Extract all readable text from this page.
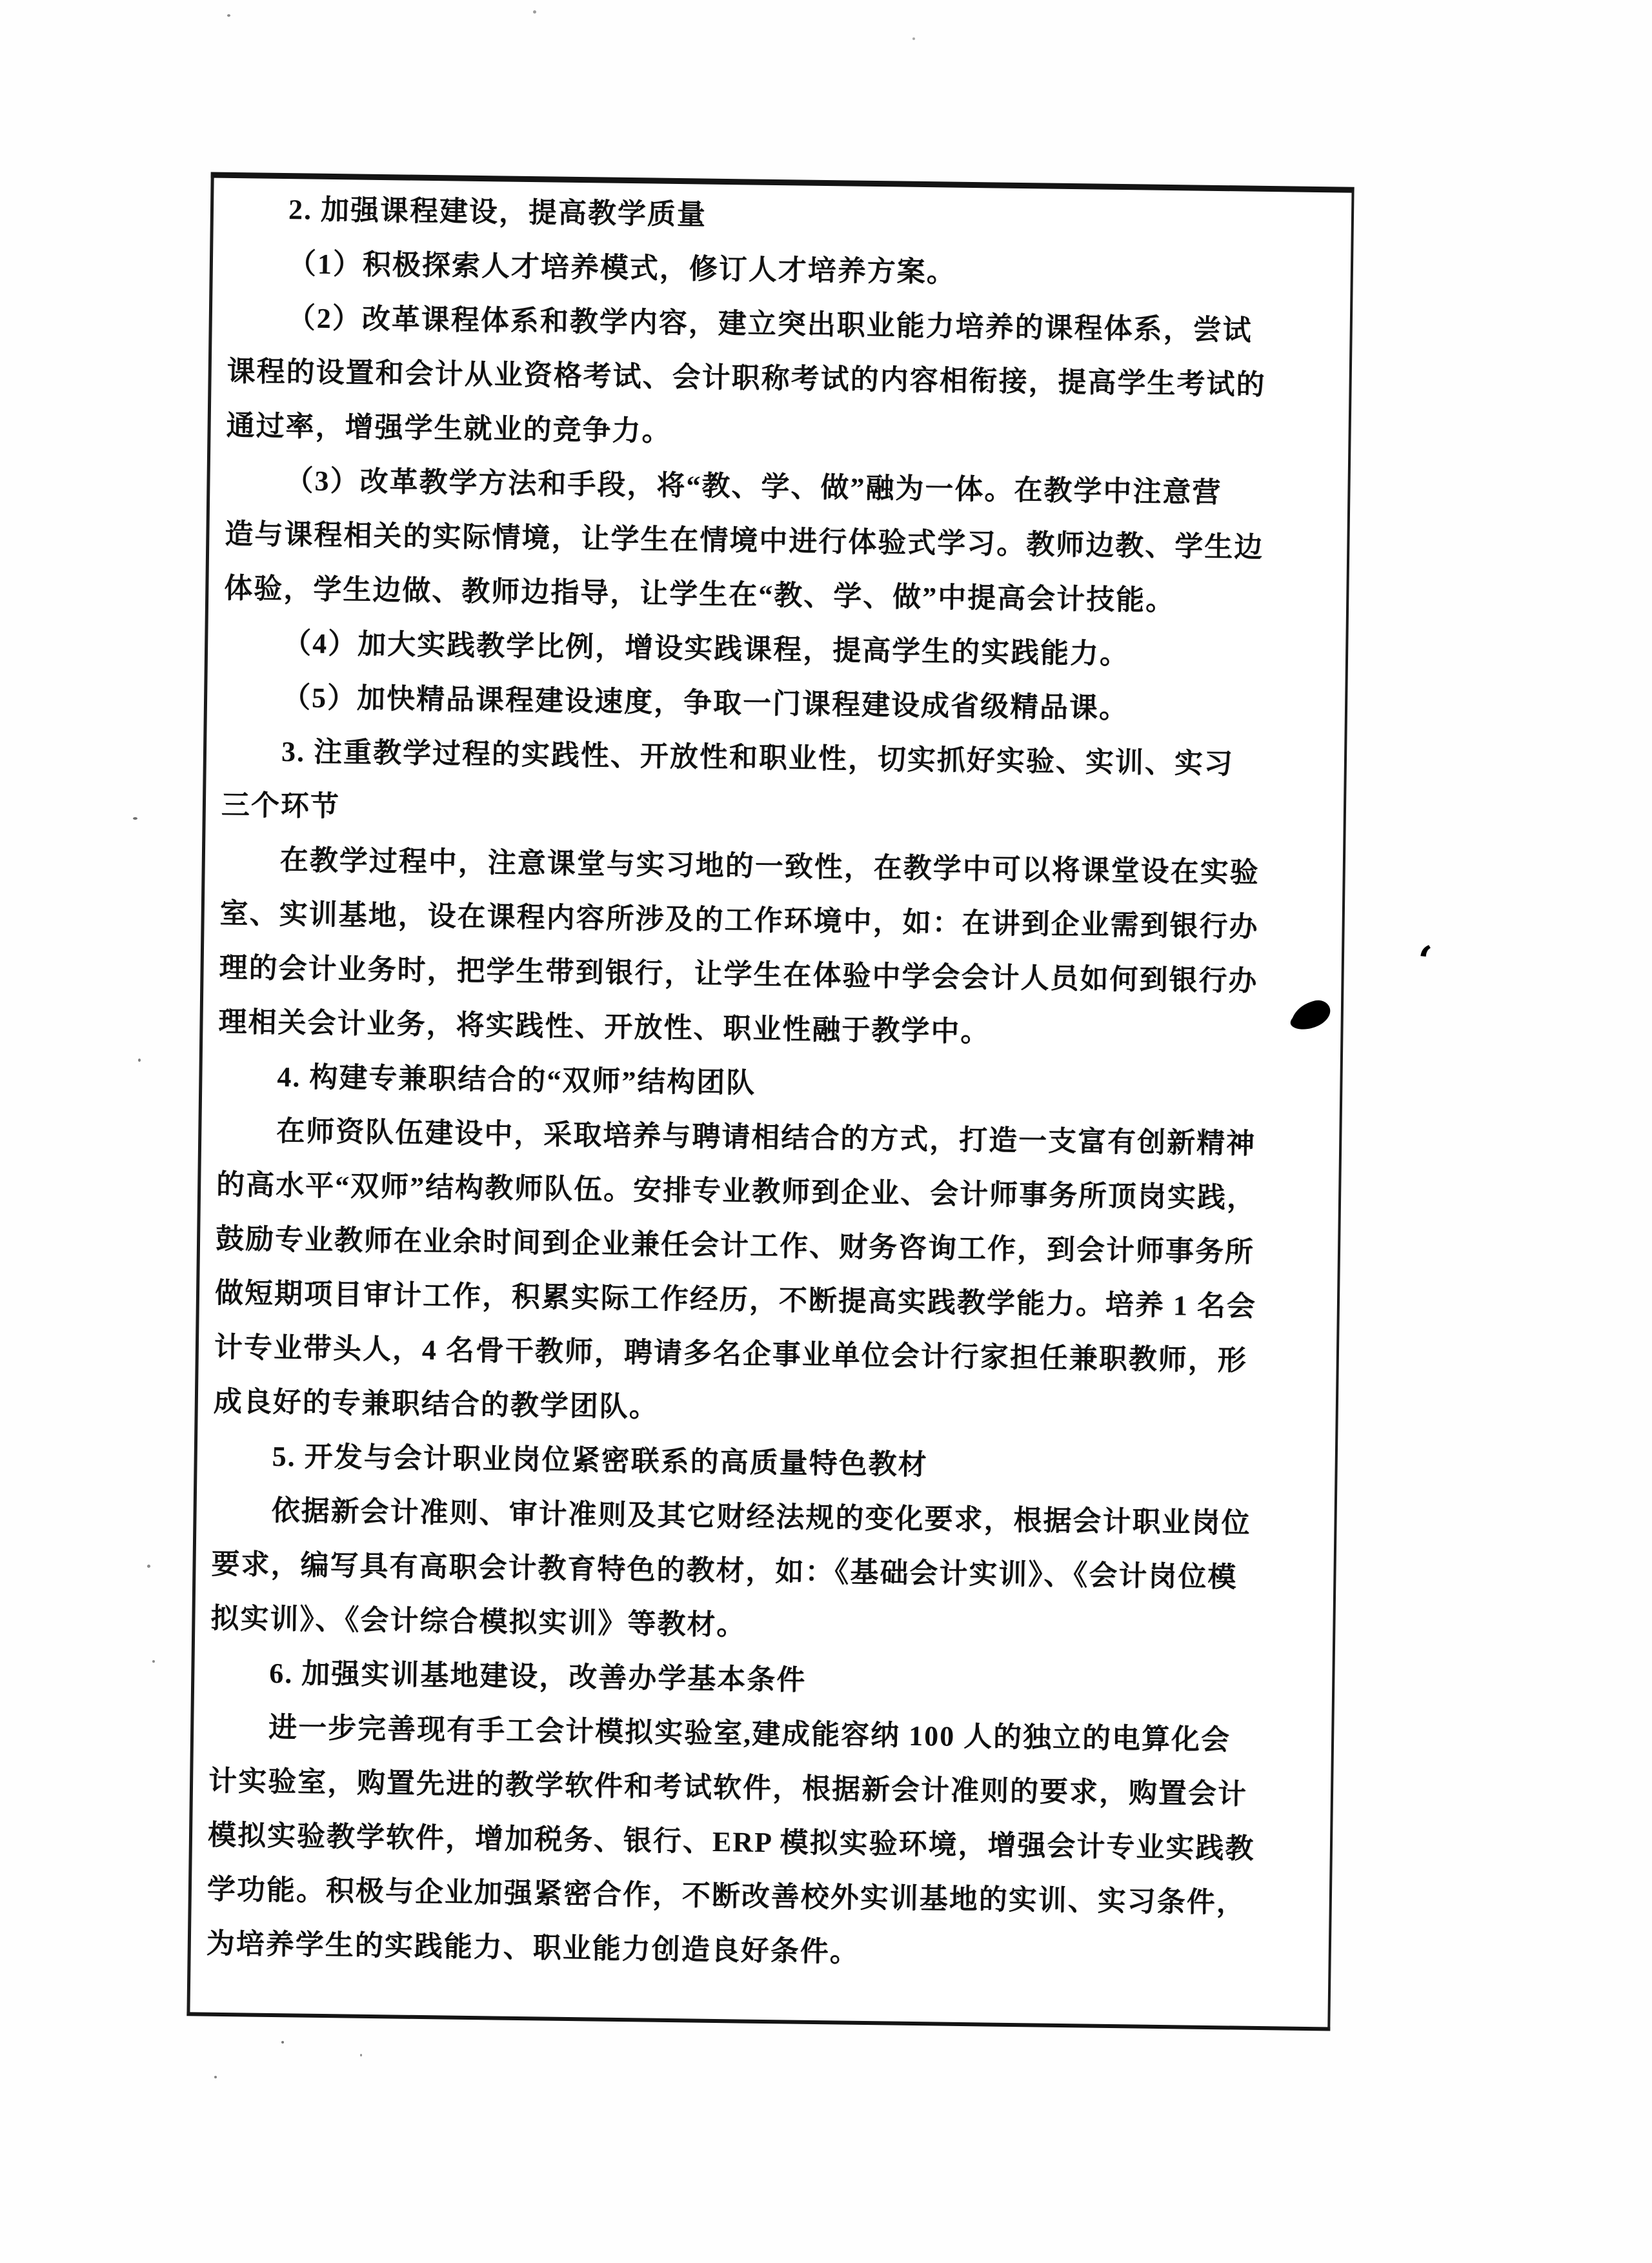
2. 加强课程建设，提高教学质量
（1）积极探索人才培养模式，修订人才培养方案。
（2）改革课程体系和教学内容，建立突出职业能力培养的课程体系，尝试
课程的设置和会计从业资格考试、会计职称考试的内容相衔接，提高学生考试的
通过率，增强学生就业的竞争力。
（3）改革教学方法和手段，将“教、学、做”融为一体。在教学中注意营
造与课程相关的实际情境，让学生在情境中进行体验式学习。教师边教、学生边
体验，学生边做、教师边指导，让学生在“教、学、做”中提高会计技能。
（4）加大实践教学比例，增设实践课程，提高学生的实践能力。
（5）加快精品课程建设速度，争取一门课程建设成省级精品课。
3. 注重教学过程的实践性、开放性和职业性，切实抓好实验、实训、实习
三个环节
在教学过程中，注意课堂与实习地的一致性，在教学中可以将课堂设在实验
室、实训基地，设在课程内容所涉及的工作环境中，如：在讲到企业需到银行办
理的会计业务时，把学生带到银行，让学生在体验中学会会计人员如何到银行办
理相关会计业务，将实践性、开放性、职业性融于教学中。
4. 构建专兼职结合的“双师”结构团队
在师资队伍建设中，采取培养与聘请相结合的方式，打造一支富有创新精神
的高水平“双师”结构教师队伍。安排专业教师到企业、会计师事务所顶岗实践，
鼓励专业教师在业余时间到企业兼任会计工作、财务咨询工作，到会计师事务所
做短期项目审计工作，积累实际工作经历，不断提高实践教学能力。培养 1 名会
计专业带头人，4 名骨干教师，聘请多名企事业单位会计行家担任兼职教师，形
成良好的专兼职结合的教学团队。
5. 开发与会计职业岗位紧密联系的高质量特色教材
依据新会计准则、审计准则及其它财经法规的变化要求，根据会计职业岗位
要求，编写具有高职会计教育特色的教材，如：《基础会计实训》、《会计岗位模
拟实训》、《会计综合模拟实训》等教材。
6. 加强实训基地建设，改善办学基本条件
进一步完善现有手工会计模拟实验室,建成能容纳 100 人的独立的电算化会
计实验室，购置先进的教学软件和考试软件，根据新会计准则的要求，购置会计
模拟实验教学软件，增加税务、银行、ERP 模拟实验环境，增强会计专业实践教
学功能。积极与企业加强紧密合作，不断改善校外实训基地的实训、实习条件，
为培养学生的实践能力、职业能力创造良好条件。
‘
